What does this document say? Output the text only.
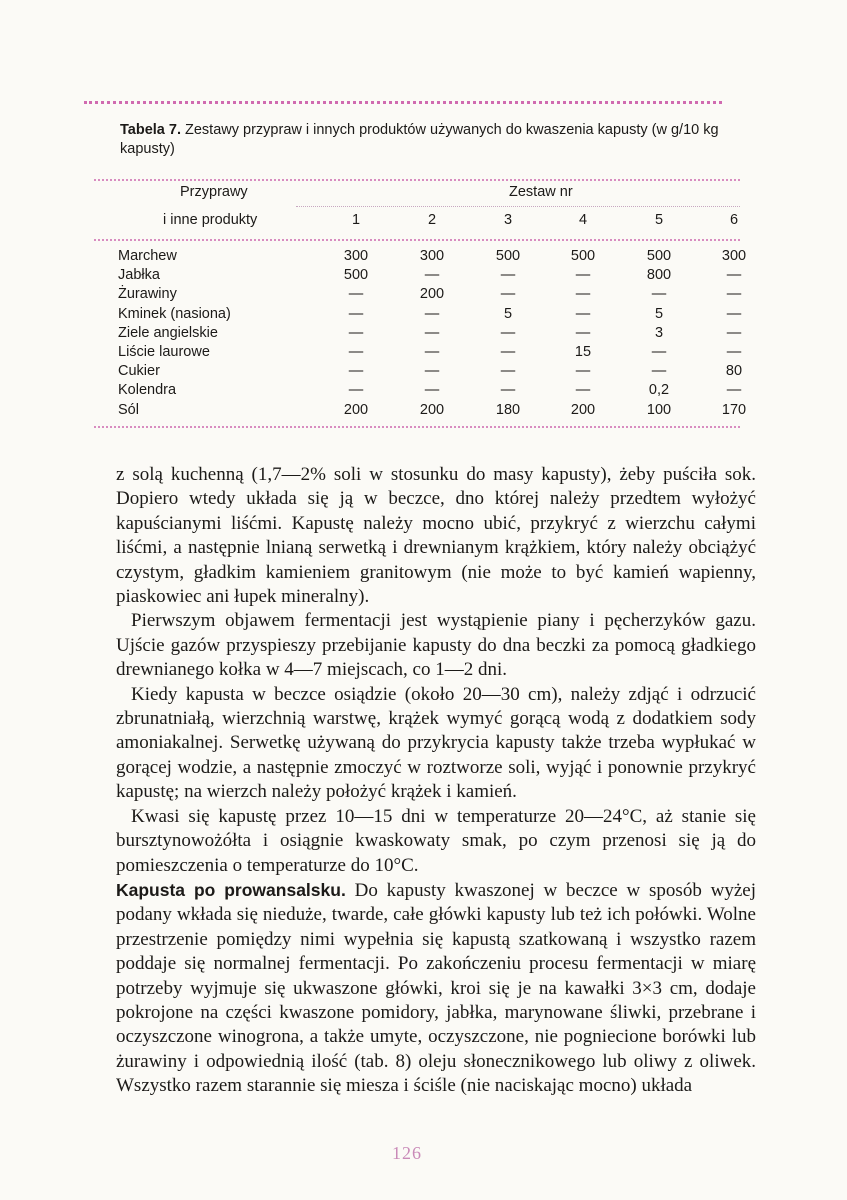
Tabela 7. Zestawy przypraw i innych produktów używanych do kwaszenia kapusty (w g/10 kg kapusty)
Przyprawy
i inne produkty
Zestaw nr
1	2	3	4	5	6
Marchew	300	300	500	500	500	300
Jabłka	500	—	—	—	800	—
Żurawiny	—	200	—	—	—	—
Kminek (nasiona)	—	—	5	—	5	—
Ziele angielskie	—	—	—	—	3	—
Liście laurowe	—	—	—	15	—	—
Cukier	—	—	—	—	—	80
Kolendra	—	—	—	—	0,2	—
Sól	200	200	180	200	100	170

z solą kuchenną (1,7—2% soli w stosunku do masy kapusty), żeby puściła sok. Dopiero wtedy układa się ją w beczce, dno której należy przedtem wyłożyć kapuścianymi liśćmi. Kapustę należy mocno ubić, przykryć z wierzchu całymi liśćmi, a następnie lnianą serwetką i drewnianym krążkiem, który należy obciążyć czystym, gładkim kamieniem granitowym (nie może to być kamień wapienny, piaskowiec ani łupek mineralny).

Pierwszym objawem fermentacji jest wystąpienie piany i pęcherzyków gazu. Ujście gazów przyspieszy przebijanie kapusty do dna beczki za pomocą gładkiego drewnianego kołka w 4—7 miejscach, co 1—2 dni.

Kiedy kapusta w beczce osiądzie (około 20—30 cm), należy zdjąć i odrzucić zbrunatniałą, wierzchnią warstwę, krążek wymyć gorącą wodą z dodatkiem sody amoniakalnej. Serwetkę używaną do przykrycia kapusty także trzeba wypłukać w gorącej wodzie, a następnie zmoczyć w roztworze soli, wyjąć i ponownie przykryć kapustę; na wierzch należy położyć krążek i kamień.

Kwasi się kapustę przez 10—15 dni w temperaturze 20—24°C, aż stanie się bursztynowożółta i osiągnie kwaskowaty smak, po czym przenosi się ją do pomieszczenia o temperaturze do 10°C.

Kapusta po prowansalsku. Do kapusty kwaszonej w beczce w sposób wyżej podany wkłada się nieduże, twarde, całe główki kapusty lub też ich połówki. Wolne przestrzenie pomiędzy nimi wypełnia się kapustą szatkowaną i wszystko razem poddaje się normalnej fermentacji. Po zakończeniu procesu fermentacji w miarę potrzeby wyjmuje się ukwaszone główki, kroi się je na kawałki 3×3 cm, dodaje pokrojone na części kwaszone pomidory, jabłka, marynowane śliwki, przebrane i oczyszczone winogrona, a także umyte, oczyszczone, nie pogniecione borówki lub żurawiny i odpowiednią ilość (tab. 8) oleju słonecznikowego lub oliwy z oliwek. Wszystko razem starannie się miesza i ściśle (nie naciskając mocno) układa

126
